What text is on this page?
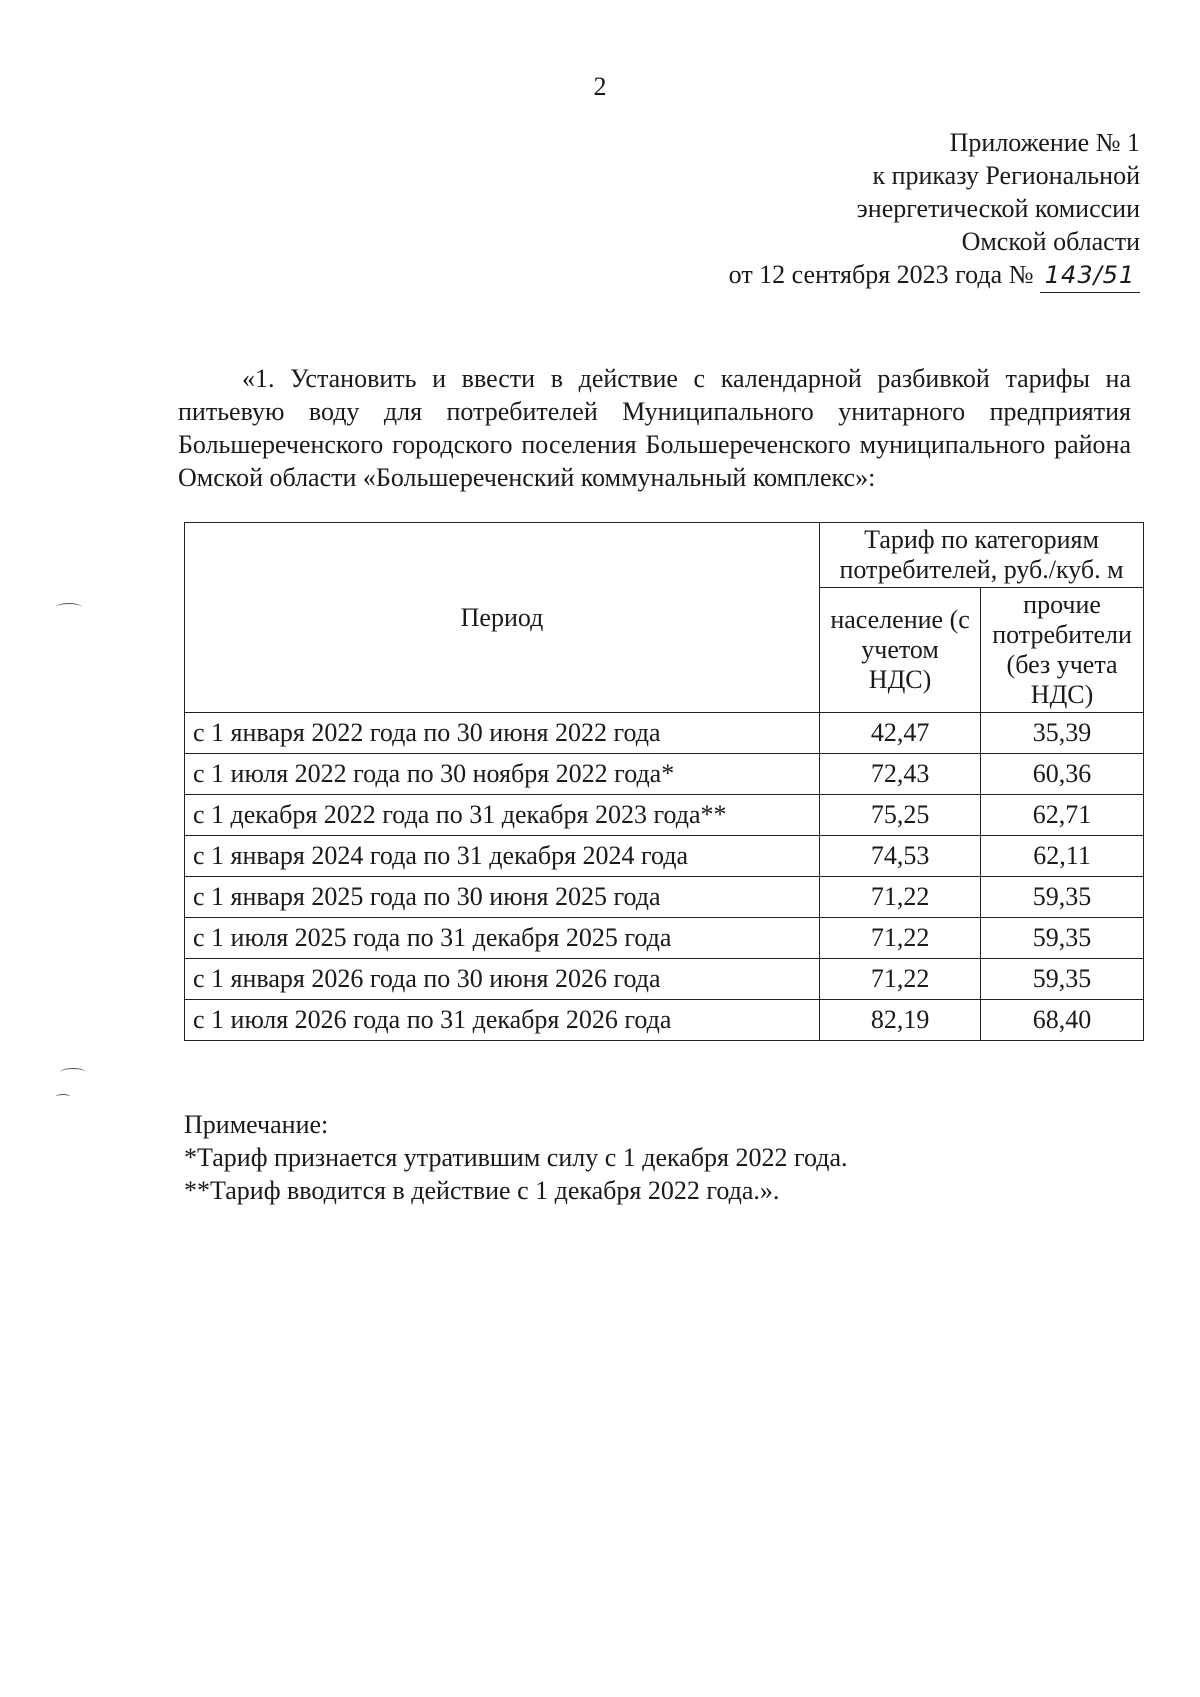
2
Приложение № 1
к приказу Региональной
энергетической комиссии
Омской области
от 12 сентября 2023 года № 143/51

«1. Установить и ввести в действие с календарной разбивкой тарифы на питьевую воду для потребителей Муниципального унитарного предприятия Большереченского городского поселения Большереченского муниципального района Омской области «Большереченский коммунальный комплекс»:

Период	Тариф по категориям потребителей, руб./куб. м	
	население (с учетом НДС)	прочие потребители (без учета НДС)
с 1 января 2022 года по 30 июня 2022 года	42,47	35,39
с 1 июля 2022 года по 30 ноября 2022 года*	72,43	60,36
с 1 декабря 2022 года по 31 декабря 2023 года**	75,25	62,71
с 1 января 2024 года по 31 декабря 2024 года	74,53	62,11
с 1 января 2025 года по 30 июня 2025 года	71,22	59,35
с 1 июля 2025 года по 31 декабря 2025 года	71,22	59,35
с 1 января 2026 года по 30 июня 2026 года	71,22	59,35
с 1 июля 2026 года по 31 декабря 2026 года	82,19	68,40

Примечание:

*Тариф признается утратившим силу с 1 декабря 2022 года.

**Тариф вводится в действие с 1 декабря 2022 года.».
